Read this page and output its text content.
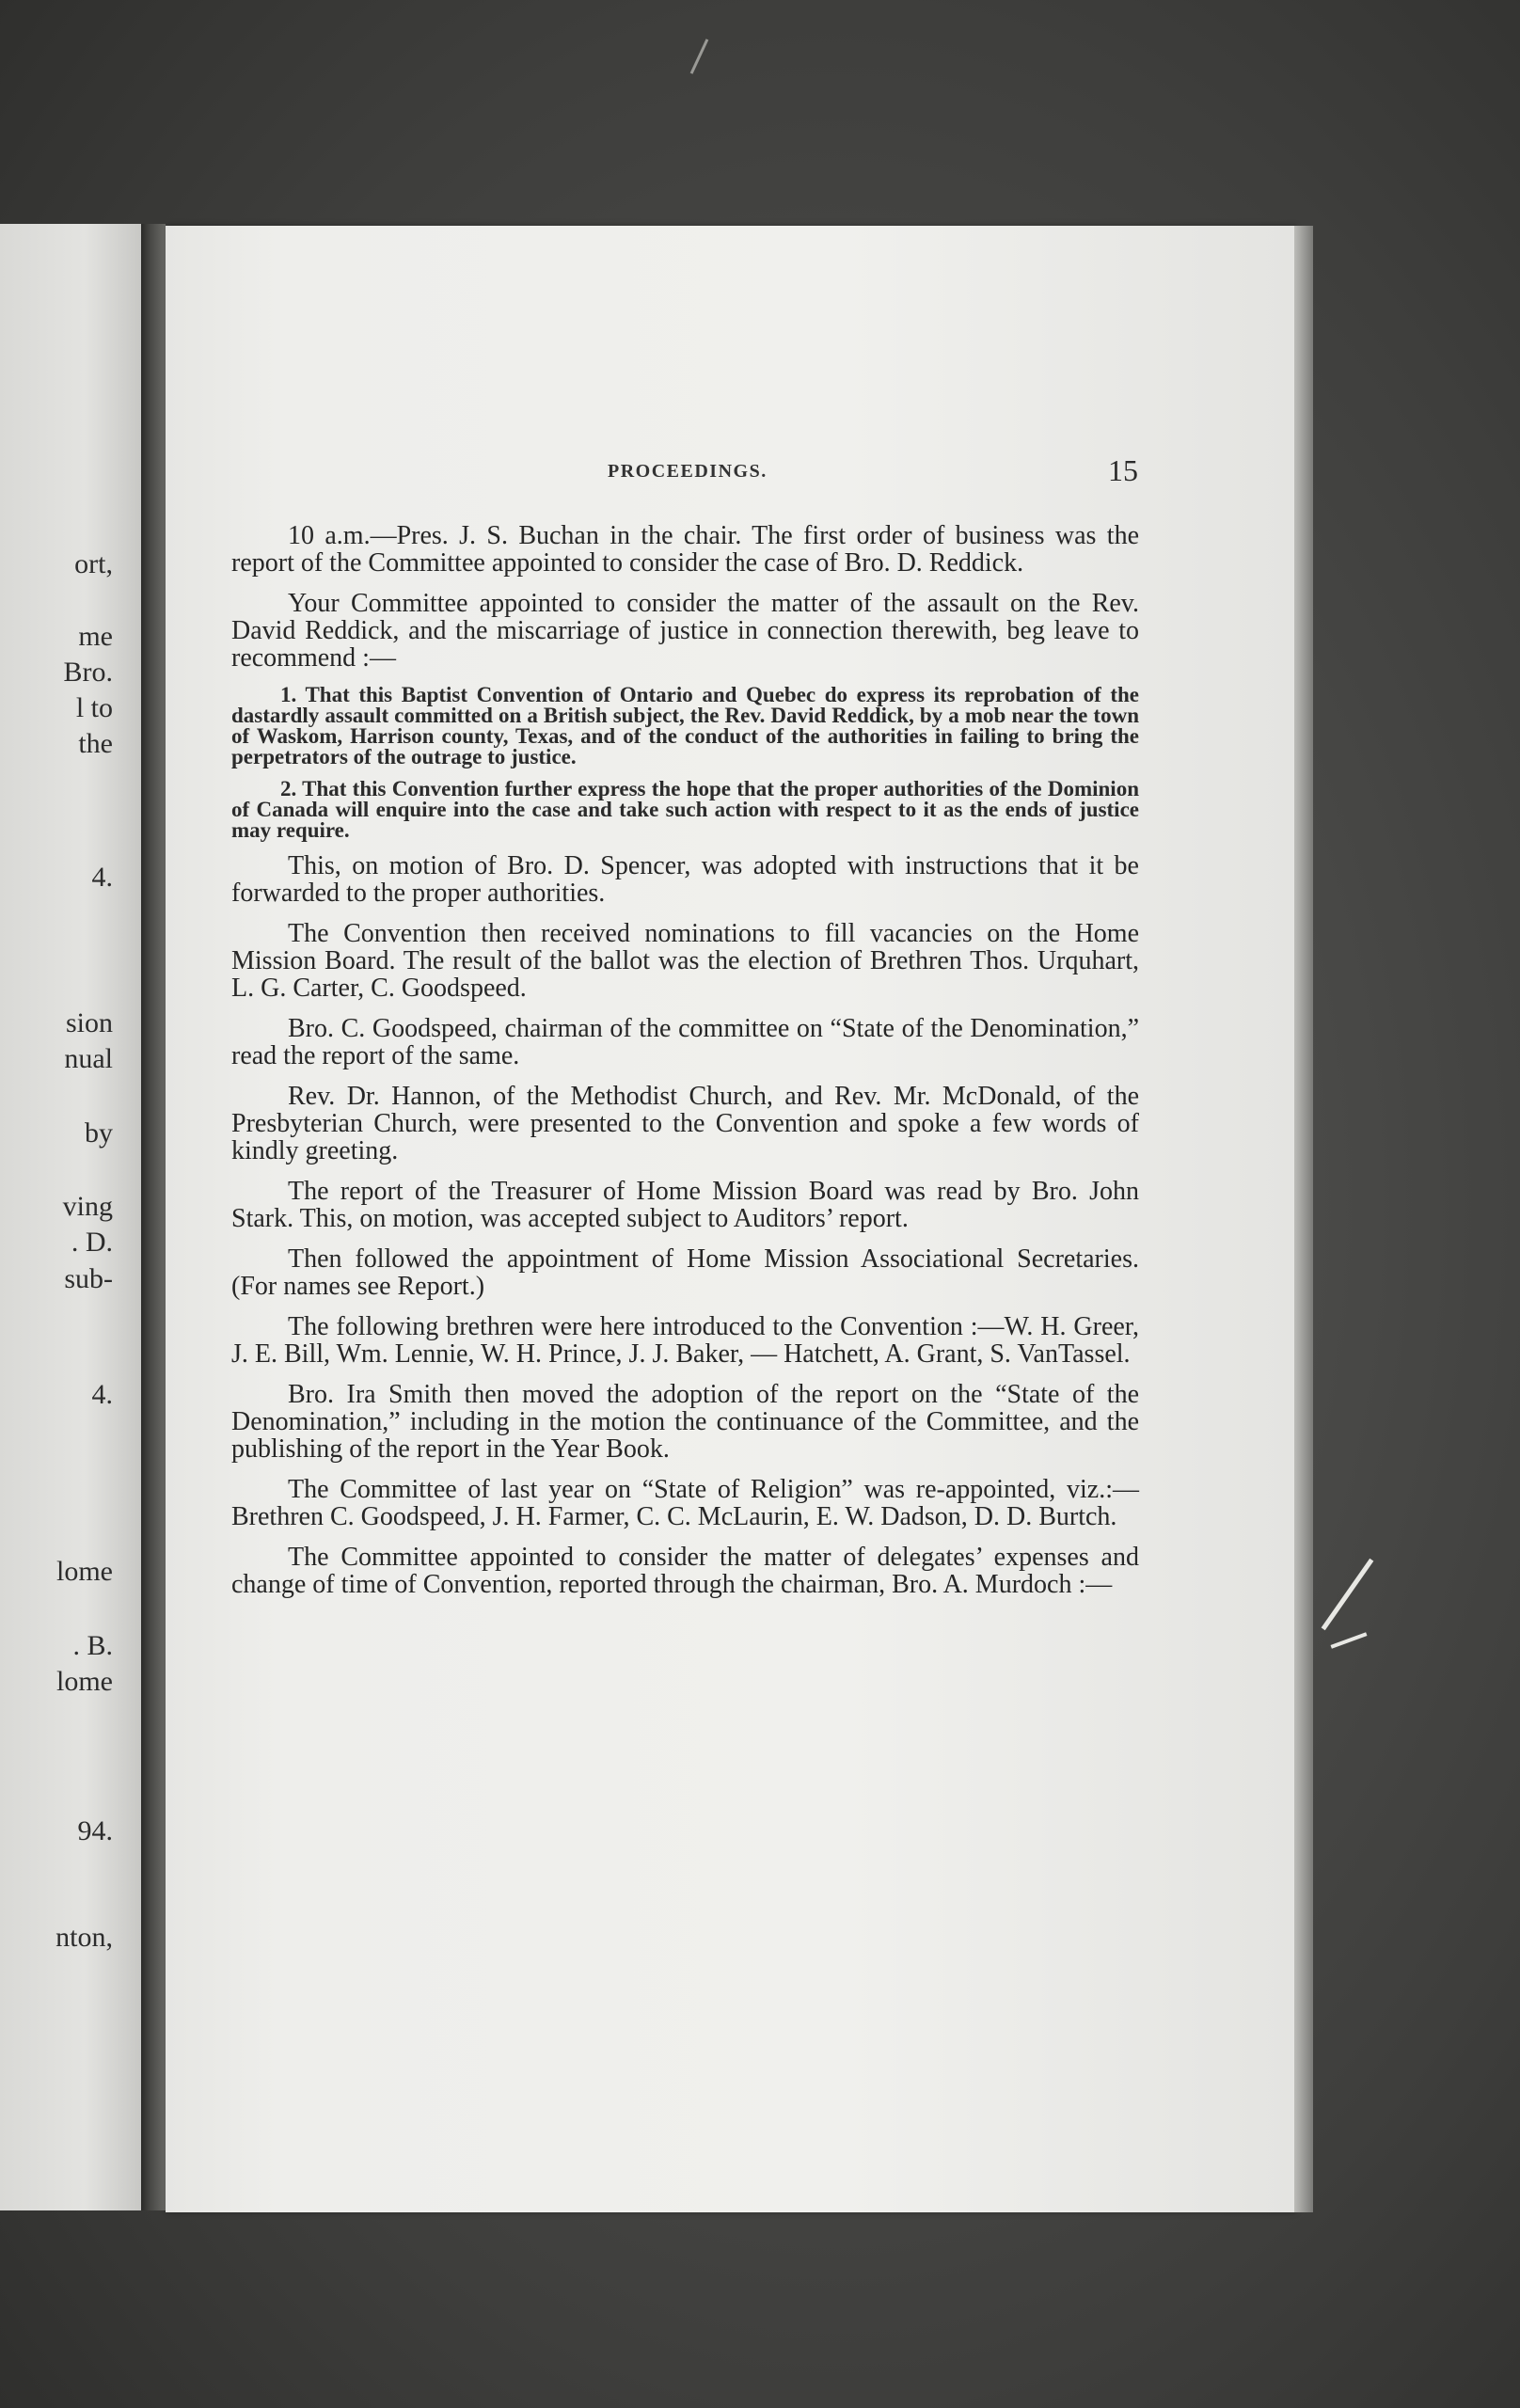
ort,
me
Bro.
l to
the
4.
sion
nual
by
ving
. D.
sub-
4.
lome
. B.
lome
94.
nton,
PROCEEDINGS.	15

10 a.m.—Pres. J. S. Buchan in the chair. The first order of business was the report of the Committee appointed to consider the case of Bro. D. Reddick.

Your Committee appointed to consider the matter of the assault on the Rev. David Reddick, and the miscarriage of justice in connection therewith, beg leave to recommend :—

1. That this Baptist Convention of Ontario and Quebec do express its reprobation of the dastardly assault committed on a British subject, the Rev. David Reddick, by a mob near the town of Waskom, Harrison county, Texas, and of the conduct of the authorities in failing to bring the perpetrators of the outrage to justice.

2. That this Convention further express the hope that the proper authorities of the Dominion of Canada will enquire into the case and take such action with respect to it as the ends of justice may require.

This, on motion of Bro. D. Spencer, was adopted with instructions that it be forwarded to the proper authorities.

The Convention then received nominations to fill vacancies on the Home Mission Board. The result of the ballot was the election of Brethren Thos. Urquhart, L. G. Carter, C. Goodspeed.

Bro. C. Goodspeed, chairman of the committee on “State of the Denomination,” read the report of the same.

Rev. Dr. Hannon, of the Methodist Church, and Rev. Mr. McDonald, of the Presbyterian Church, were presented to the Convention and spoke a few words of kindly greeting.

The report of the Treasurer of Home Mission Board was read by Bro. John Stark. This, on motion, was accepted subject to Auditors’ report.

Then followed the appointment of Home Mission Associational Secretaries. (For names see Report.)

The following brethren were here introduced to the Convention :—W. H. Greer, J. E. Bill, Wm. Lennie, W. H. Prince, J. J. Baker, — Hatchett, A. Grant, S. VanTassel.

Bro. Ira Smith then moved the adoption of the report on the “State of the Denomination,” including in the motion the continuance of the Committee, and the publishing of the report in the Year Book.

The Committee of last year on “State of Religion” was re-appointed, viz.:—Brethren C. Goodspeed, J. H. Farmer, C. C. McLaurin, E. W. Dadson, D. D. Burtch.

The Committee appointed to consider the matter of delegates’ expenses and change of time of Convention, reported through the chairman, Bro. A. Murdoch :—
